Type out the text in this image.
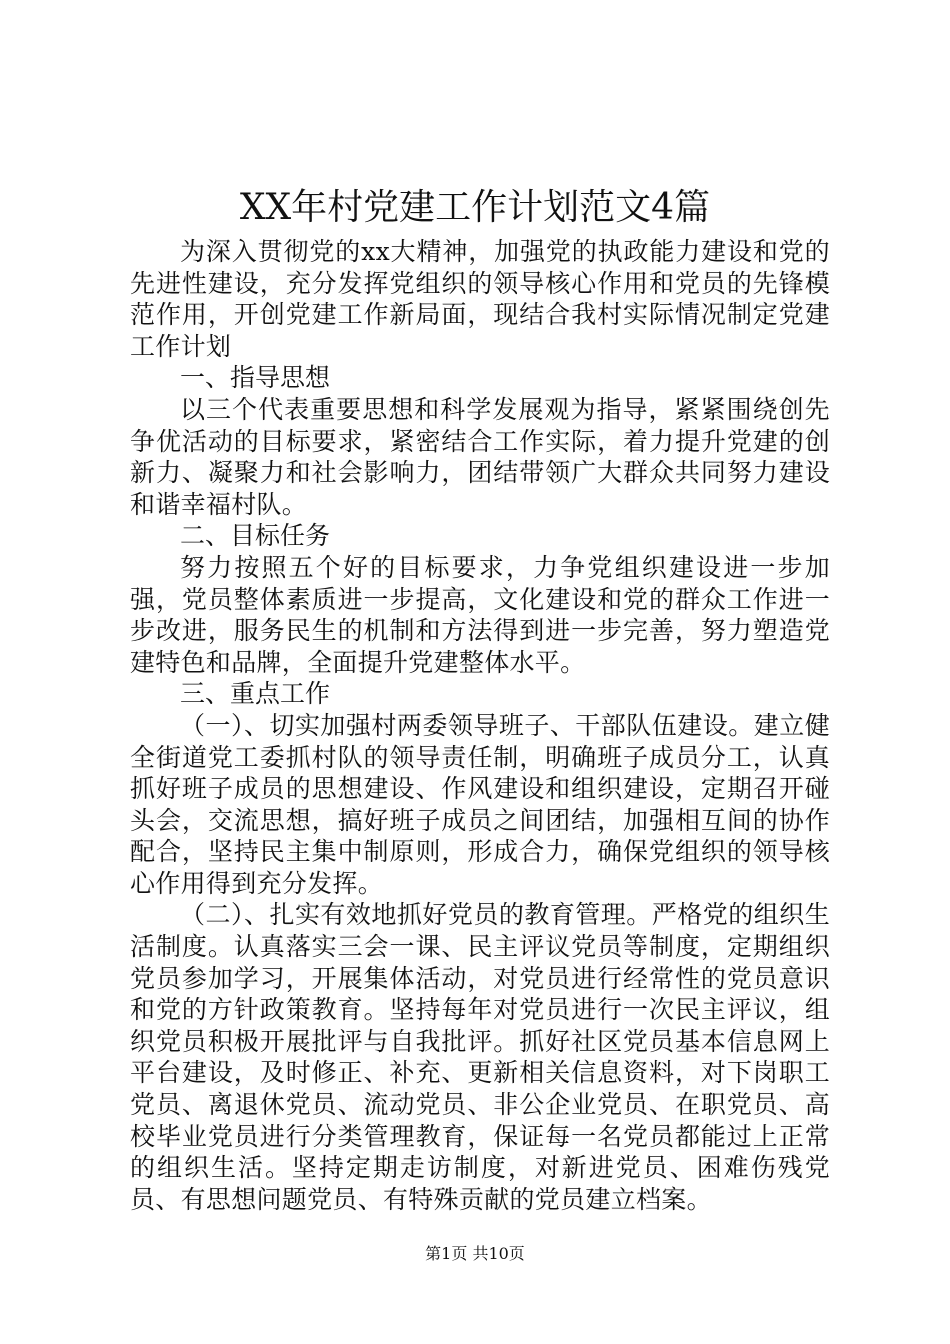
XX年村党建工作计划范文4篇

为深入贯彻党的xx大精神，加强党的执政能力建设和党的先进性建设，充分发挥党组织的领导核心作用和党员的先锋模范作用，开创党建工作新局面，现结合我村实际情况制定党建工作计划

一、指导思想

以三个代表重要思想和科学发展观为指导，紧紧围绕创先争优活动的目标要求，紧密结合工作实际，着力提升党建的创新力、凝聚力和社会影响力，团结带领广大群众共同努力建设和谐幸福村队。

二、目标任务

努力按照五个好的目标要求，力争党组织建设进一步加强，党员整体素质进一步提高，文化建设和党的群众工作进一步改进，服务民生的机制和方法得到进一步完善，努力塑造党建特色和品牌，全面提升党建整体水平。

三、重点工作

（一）、切实加强村两委领导班子、干部队伍建设。建立健全街道党工委抓村队的领导责任制，明确班子成员分工，认真抓好班子成员的思想建设、作风建设和组织建设，定期召开碰头会，交流思想，搞好班子成员之间团结，加强相互间的协作配合，坚持民主集中制原则，形成合力，确保党组织的领导核心作用得到充分发挥。

（二）、扎实有效地抓好党员的教育管理。严格党的组织生活制度。认真落实三会一课、民主评议党员等制度，定期组织党员参加学习，开展集体活动，对党员进行经常性的党员意识和党的方针政策教育。坚持每年对党员进行一次民主评议，组织党员积极开展批评与自我批评。抓好社区党员基本信息网上平台建设，及时修正、补充、更新相关信息资料，对下岗职工党员、离退休党员、流动党员、非公企业党员、在职党员、高校毕业党员进行分类管理教育，保证每一名党员都能过上正常的组织生活。坚持定期走访制度，对新进党员、困难伤残党员、有思想问题党员、有特殊贡献的党员建立档案。

第1页 共10页
